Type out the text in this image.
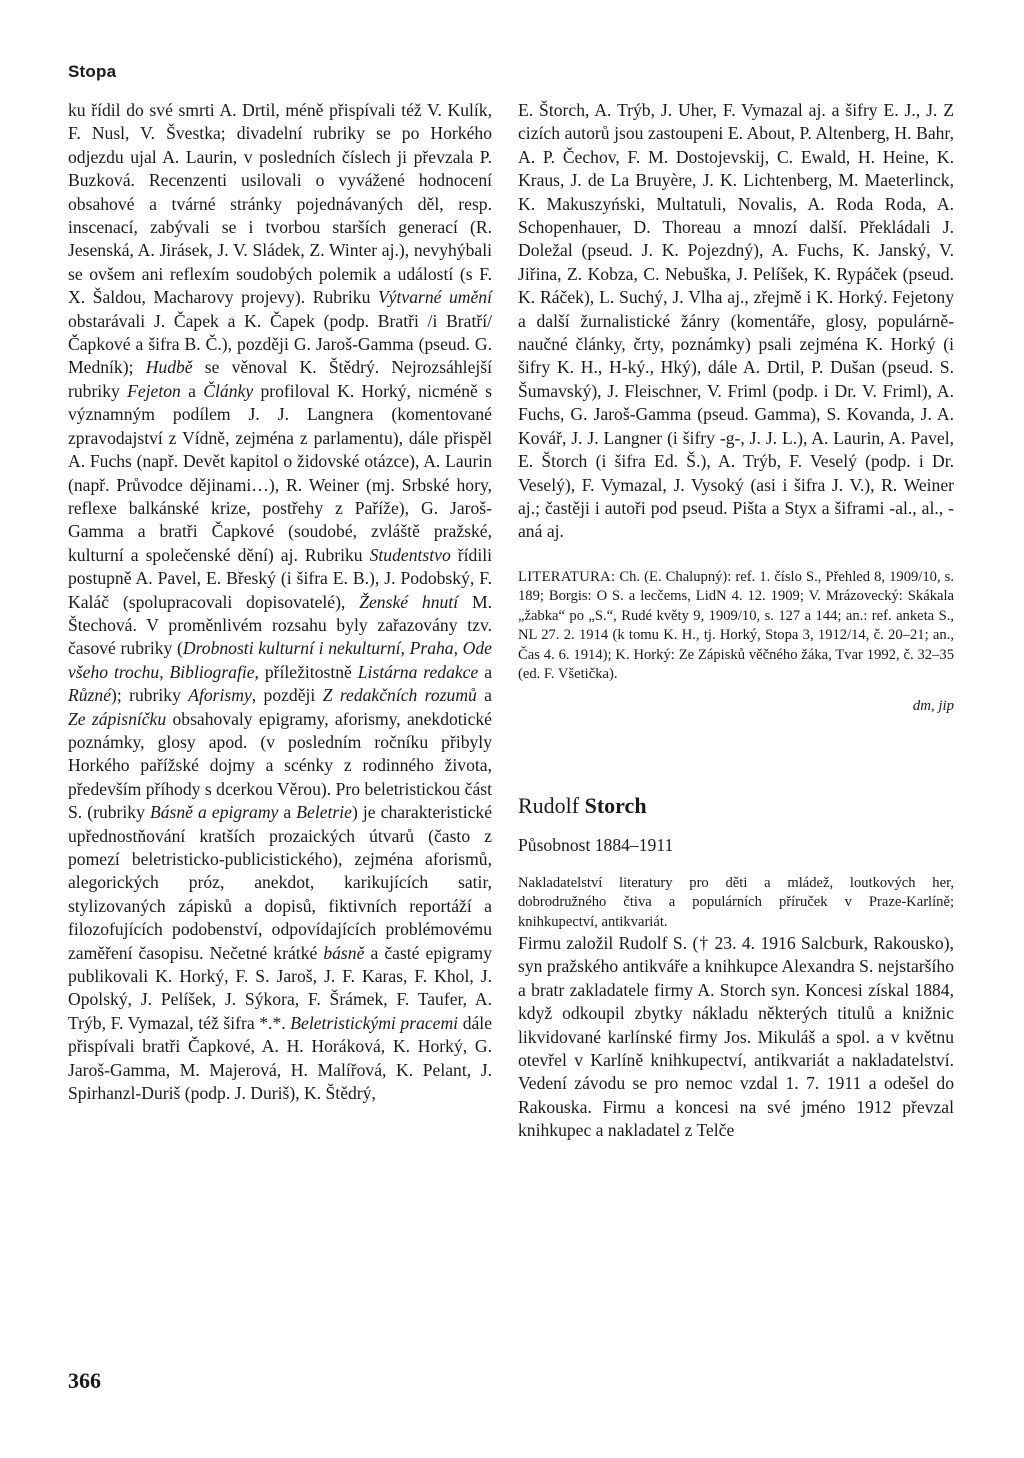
Stopa

ku řídil do své smrti A. Drtil, méně přispívali též V. Kulík, F. Nusl, V. Švestka; divadelní rubriky se po Horkého odjezdu ujal A. Laurin, v posledních číslech ji převzala P. Buzková. Recenzenti usilovali o vyvážené hodnocení obsahové a tvárné stránky pojednávaných děl, resp. inscenací, zabývali se i tvorbou starších generací (R. Jesenská, A. Jirásek, J. V. Sládek, Z. Winter aj.), nevyhýbali se ovšem ani reflexím soudobých polemik a událostí (s F. X. Šaldou, Macharovy projevy). Rubriku Výtvarné umění obstarávali J. Čapek a K. Čapek (podp. Bratři /i Bratří/ Čapkové a šifra B. Č.), později G. Jaroš-Gamma (pseud. G. Medník); Hudbě se věnoval K. Štědrý. Nejrozsáhlejší rubriky Fejeton a Články profiloval K. Horký, nicméně s významným podílem J. J. Langnera (komentované zpravodajství z Vídně, zejména z parlamentu), dále přispěl A. Fuchs (např. Devět kapitol o židovské otázce), A. Laurin (např. Průvodce dějinami…), R. Weiner (mj. Srbské hory, reflexe balkánské krize, postřehy z Paříže), G. Jaroš-Gamma a bratři Čapkové (soudobé, zvláště pražské, kulturní a společenské dění) aj. Rubriku Studentstvo řídili postupně A. Pavel, E. Břeský (i šifra E. B.), J. Podobský, F. Kaláč (spolupracovali dopisovatelé), Ženské hnutí M. Štechová. V proměnlivém rozsahu byly zařazovány tzv. časové rubriky (Drobnosti kulturní i nekulturní, Praha, Ode všeho trochu, Bibliografie, příležitostně Listárna redakce a Různé); rubriky Aforismy, později Z redakčních rozumů a Ze zápisníčku obsahovaly epigramy, aforismy, anekdotické poznámky, glosy apod. (v posledním ročníku přibyly Horkého pařížské dojmy a scénky z rodinného života, především příhody s dcerkou Věrou). Pro beletristickou část S. (rubriky Básně a epigramy a Beletrie) je charakteristické upřednostňování kratších prozaických útvarů (často z pomezí beletristicko-publicistického), zejména aforismů, alegorických próz, anekdot, karikujících satir, stylizovaných zápisků a dopisů, fiktivních reportáží a filozofujících podobenství, odpovídajících problémovému zaměření časopisu. Nečetné krátké básně a časté epigramy publikovali K. Horký, F. S. Jaroš, J. F. Karas, F. Khol, J. Opolský, J. Pelíšek, J. Sýkora, F. Šrámek, F. Taufer, A. Trýb, F. Vymazal, též šifra *.*. Beletristickými pracemi dále přispívali bratři Čapkové, A. H. Horáková, K. Horký, G. Jaroš-Gamma, M. Majerová, H. Malířová, K. Pelant, J. Spirhanzl-Duriš (podp. J. Duriš), K. Štědrý,

E. Štorch, A. Trýb, J. Uher, F. Vymazal aj. a šifry E. J., J. Z cizích autorů jsou zastoupeni E. About, P. Altenberg, H. Bahr, A. P. Čechov, F. M. Dostojevskij, C. Ewald, H. Heine, K. Kraus, J. de La Bruyère, J. K. Lichtenberg, M. Maeterlinck, K. Makuszyński, Multatuli, Novalis, A. Roda Roda, A. Schopenhauer, D. Thoreau a mnozí další. Překládali J. Doležal (pseud. J. K. Pojezdný), A. Fuchs, K. Janský, V. Jiřina, Z. Kobza, C. Nebuška, J. Pelíšek, K. Rypáček (pseud. K. Ráček), L. Suchý, J. Vlha aj., zřejmě i K. Horký. Fejetony a další žurnalistické žánry (komentáře, glosy, populárně-naučné články, črty, poznámky) psali zejména K. Horký (i šifry K. H., H-ký., Hký), dále A. Drtil, P. Dušan (pseud. S. Šumavský), J. Fleischner, V. Friml (podp. i Dr. V. Friml), A. Fuchs, G. Jaroš-Gamma (pseud. Gamma), S. Kovanda, J. A. Kovář, J. J. Langner (i šifry -g-, J. J. L.), A. Laurin, A. Pavel, E. Štorch (i šifra Ed. Š.), A. Trýb, F. Veselý (podp. i Dr. Veselý), F. Vymazal, J. Vysoký (asi i šifra J. V.), R. Weiner aj.; častěji i autoři pod pseud. Pišta a Styx a šiframi -al., al., -aná aj.

LITERATURA: Ch. (E. Chalupný): ref. 1. číslo S., Přehled 8, 1909/10, s. 189; Borgis: O S. a lecčems, LidN 4. 12. 1909; V. Mrázovecký: Skákala „žabka“ po „S.“, Rudé květy 9, 1909/10, s. 127 a 144; an.: ref. anketa S., NL 27. 2. 1914 (k tomu K. H., tj. Horký, Stopa 3, 1912/14, č. 20–21; an., Čas 4. 6. 1914); K. Horký: Ze Zápisků věčného žáka, Tvar 1992, č. 32–35 (ed. F. Všetička).
dm, jip
Rudolf Storch
Působnost 1884–1911
Nakladatelství literatury pro děti a mládež, loutkových her, dobrodružného čtiva a populárních příruček v Praze-Karlíně; knihkupectví, antikvariát.

Firmu založil Rudolf S. († 23. 4. 1916 Salcburk, Rakousko), syn pražského antikváře a knihkupce Alexandra S. nejstaršího a bratr zakladatele firmy A. Storch syn. Koncesi získal 1884, když odkoupil zbytky nákladu některých titulů a knižnic likvidované karlínské firmy Jos. Mikuláš a spol. a v květnu otevřel v Karlíně knihkupectví, antikvariát a nakladatelství. Vedení závodu se pro nemoc vzdal 1. 7. 1911 a odešel do Rakouska. Firmu a koncesi na své jméno 1912 převzal knihkupec a nakladatel z Telče

366
